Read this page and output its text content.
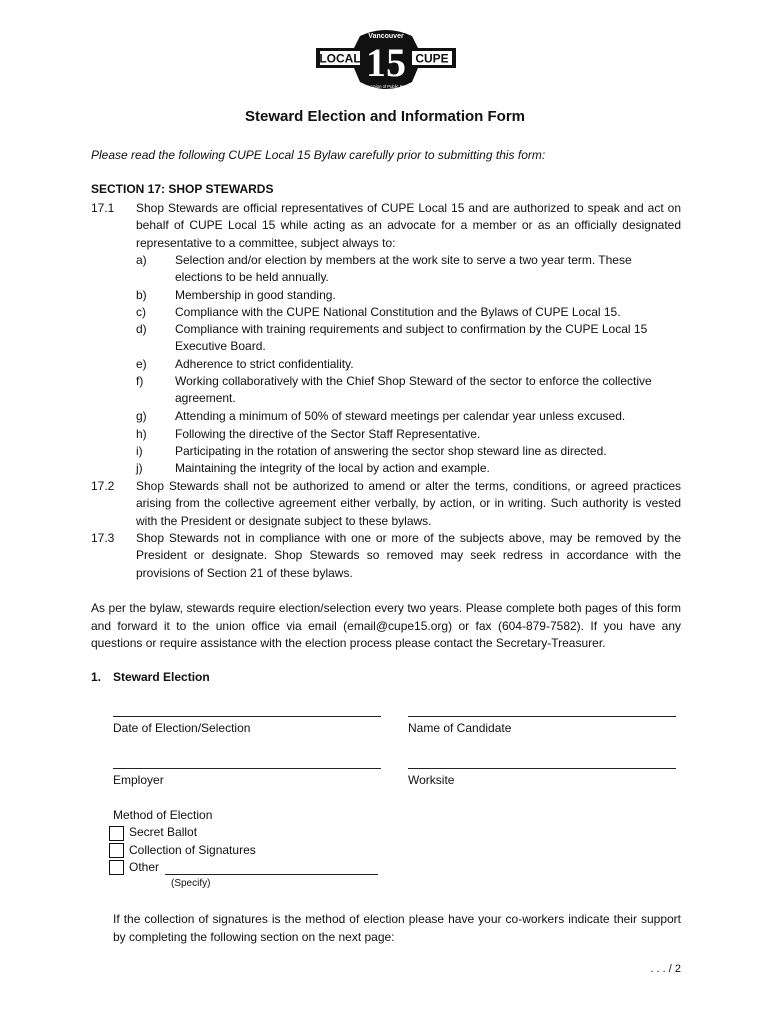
LOCAL	CUPE
15
Vancouver
Canadian Union of Public Employees
Steward Election and Information Form
Please read the following CUPE Local 15 Bylaw carefully prior to submitting this form:
SECTION 17: SHOP STEWARDS
17.1 Shop Stewards are official representatives of CUPE Local 15 and are authorized to speak and act on behalf of CUPE Local 15 while acting as an advocate for a member or as an officially designated representative to a committee, subject always to:
a) Selection and/or election by members at the work site to serve a two year term. These elections to be held annually.
b) Membership in good standing.
c) Compliance with the CUPE National Constitution and the Bylaws of CUPE Local 15.
d) Compliance with training requirements and subject to confirmation by the CUPE Local 15 Executive Board.
e) Adherence to strict confidentiality.
f)	Working collaboratively with the Chief Shop Steward of the sector to enforce the collective agreement.
g) Attending a minimum of 50% of steward meetings per calendar year unless excused.
h) Following the directive of the Sector Staff Representative.
i)	Participating in the rotation of answering the sector shop steward line as directed.
j)	Maintaining the integrity of the local by action and example.
17.2 Shop Stewards shall not be authorized to amend or alter the terms, conditions, or agreed practices arising from the collective agreement either verbally, by action, or in writing. Such authority is vested with the President or designate subject to these bylaws.
17.3 Shop Stewards not in compliance with one or more of the subjects above, may be removed by the President or designate. Shop Stewards so removed may seek redress in accordance with the provisions of Section 21 of these bylaws.
As per the bylaw, stewards require election/selection every two years. Please complete both pages of this form and forward it to the union office via email (email@cupe15.org) or fax (604-879-7582). If you have any questions or require assistance with the election process please contact the Secretary-Treasurer.
1. Steward Election
Date of Election/Selection	Name of Candidate
Employer	Worksite
Method of Election
Secret Ballot
Collection of Signatures
Other
(Specify)
If the collection of signatures is the method of election please have your co-workers indicate their support by completing the following section on the next page:
. . . / 2
